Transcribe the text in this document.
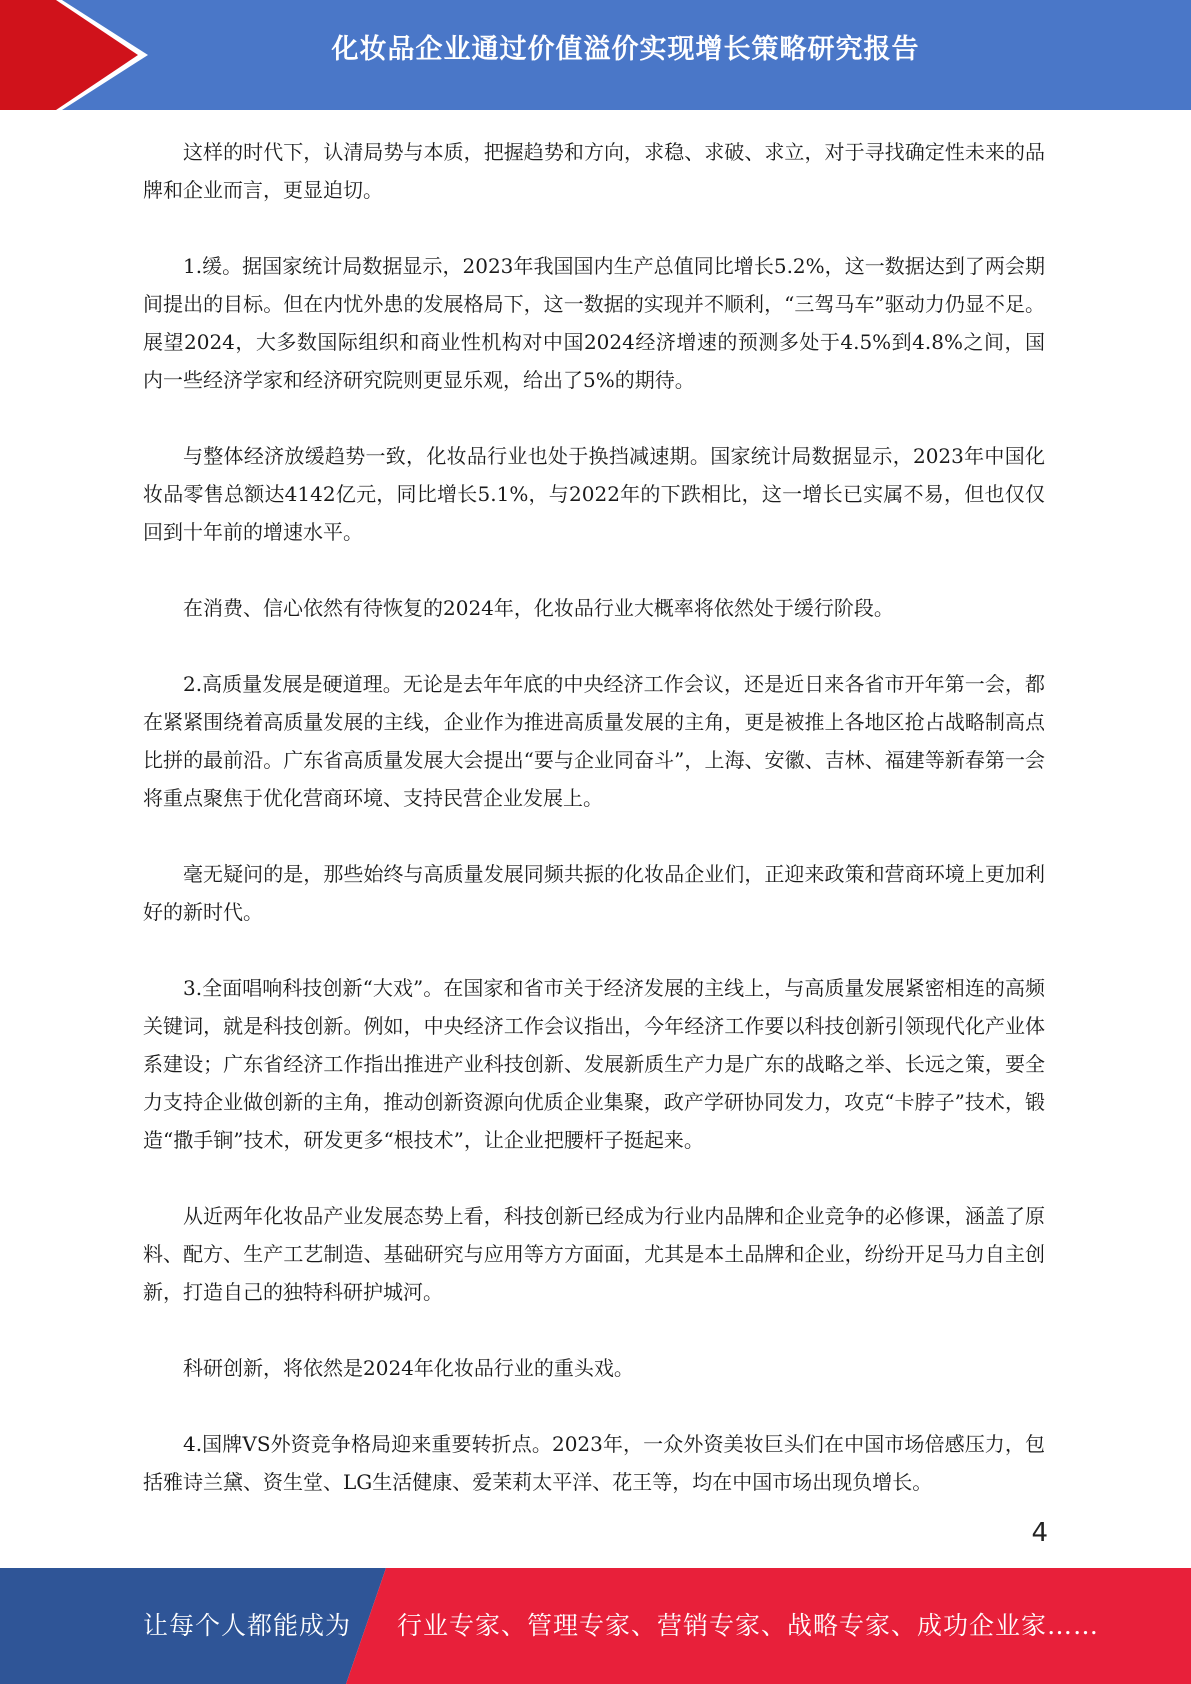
化妆品企业通过价值溢价实现增长策略研究报告

这样的时代下，认清局势与本质，把握趋势和方向，求稳、求破、求立，对于寻找确定性未来的品牌和企业而言，更显迫切。

1.缓。据国家统计局数据显示，2023年我国国内生产总值同比增长5.2%，这一数据达到了两会期间提出的目标。但在内忧外患的发展格局下，这一数据的实现并不顺利，“三驾马车”驱动力仍显不足。展望2024，大多数国际组织和商业性机构对中国2024经济增速的预测多处于4.5%到4.8%之间，国内一些经济学家和经济研究院则更显乐观，给出了5%的期待。

与整体经济放缓趋势一致，化妆品行业也处于换挡减速期。国家统计局数据显示，2023年中国化妆品零售总额达4142亿元，同比增长5.1%，与2022年的下跌相比，这一增长已实属不易，但也仅仅回到十年前的增速水平。

在消费、信心依然有待恢复的2024年，化妆品行业大概率将依然处于缓行阶段。

2.高质量发展是硬道理。无论是去年年底的中央经济工作会议，还是近日来各省市开年第一会，都在紧紧围绕着高质量发展的主线，企业作为推进高质量发展的主角，更是被推上各地区抢占战略制高点比拼的最前沿。广东省高质量发展大会提出“要与企业同奋斗”，上海、安徽、吉林、福建等新春第一会将重点聚焦于优化营商环境、支持民营企业发展上。

毫无疑问的是，那些始终与高质量发展同频共振的化妆品企业们，正迎来政策和营商环境上更加利好的新时代。

3.全面唱响科技创新“大戏”。在国家和省市关于经济发展的主线上，与高质量发展紧密相连的高频关键词，就是科技创新。例如，中央经济工作会议指出，今年经济工作要以科技创新引领现代化产业体系建设；广东省经济工作指出推进产业科技创新、发展新质生产力是广东的战略之举、长远之策，要全力支持企业做创新的主角，推动创新资源向优质企业集聚，政产学研协同发力，攻克“卡脖子”技术，锻造“撒手锏”技术，研发更多“根技术”，让企业把腰杆子挺起来。

从近两年化妆品产业发展态势上看，科技创新已经成为行业内品牌和企业竞争的必修课，涵盖了原料、配方、生产工艺制造、基础研究与应用等方方面面，尤其是本土品牌和企业，纷纷开足马力自主创新，打造自己的独特科研护城河。

科研创新，将依然是2024年化妆品行业的重头戏。

4.国牌VS外资竞争格局迎来重要转折点。2023年，一众外资美妆巨头们在中国市场倍感压力，包括雅诗兰黛、资生堂、LG生活健康、爱茉莉太平洋、花王等，均在中国市场出现负增长。

4
让每个人都能成为 行业专家、管理专家、营销专家、战略专家、成功企业家……
